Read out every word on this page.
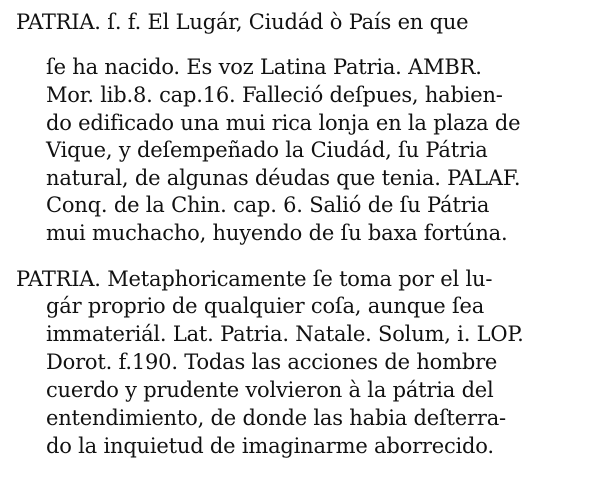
PATRIA. ſ. f. El Lugár, Ciudád ò País en que
ſe ha nacido. Es voz Latina Patria. AMBR.
Mor. lib.8. cap.16. Falleció deſpues, habien-
do edificado una mui rica lonja en la plaza de
Vique, y deſempeñado la Ciudád, ſu Pátria
natural, de algunas déudas que tenia. PALAF.
Conq. de la Chin. cap. 6. Salió de ſu Pátria
mui muchacho, huyendo de ſu baxa fortúna.
PATRIA. Metaphoricamente ſe toma por el lu-
gár proprio de qualquier coſa, aunque ſea
immateriál. Lat. Patria. Natale. Solum, i. LOP.
Dorot. f.190. Todas las acciones de hombre
cuerdo y prudente volvieron à la pátria del
entendimiento, de donde las habia deſterra-
do la inquietud de imaginarme aborrecido.
